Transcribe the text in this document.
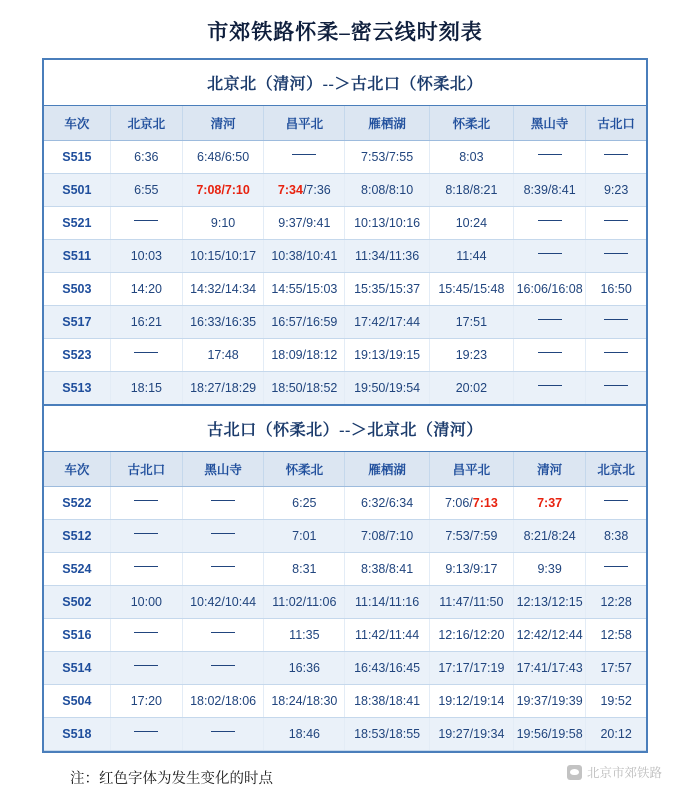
市郊铁路怀柔–密云线时刻表
北京北（清河）--＞古北口（怀柔北）							
车次	北京北	清河	昌平北	雁栖湖	怀柔北	黑山寺	古北口
S515	6:36	6:48/6:50		7:53/7:55	8:03		
S501	6:55	7:08/7:10	7:34/7:36	8:08/8:10	8:18/8:21	8:39/8:41	9:23
S521		9:10	9:37/9:41	10:13/10:16	10:24		
S511	10:03	10:15/10:17	10:38/10:41	11:34/11:36	11:44		
S503	14:20	14:32/14:34	14:55/15:03	15:35/15:37	15:45/15:48	16:06/16:08	16:50
S517	16:21	16:33/16:35	16:57/16:59	17:42/17:44	17:51		
S523		17:48	18:09/18:12	19:13/19:15	19:23		
S513	18:15	18:27/18:29	18:50/18:52	19:50/19:54	20:02		

古北口（怀柔北）--＞北京北（清河）							
车次	古北口	黑山寺	怀柔北	雁栖湖	昌平北	清河	北京北
S522			6:25	6:32/6:34	7:06/7:13	7:37	
S512			7:01	7:08/7:10	7:53/7:59	8:21/8:24	8:38
S524			8:31	8:38/8:41	9:13/9:17	9:39	
S502	10:00	10:42/10:44	11:02/11:06	11:14/11:16	11:47/11:50	12:13/12:15	12:28
S516			11:35	11:42/11:44	12:16/12:20	12:42/12:44	12:58
S514			16:36	16:43/16:45	17:17/17:19	17:41/17:43	17:57
S504	17:20	18:02/18:06	18:24/18:30	18:38/18:41	19:12/19:14	19:37/19:39	19:52
S518			18:46	18:53/18:55	19:27/19:34	19:56/19:58	20:12
注：红色字体为发生变化的时点	北京市郊铁路
